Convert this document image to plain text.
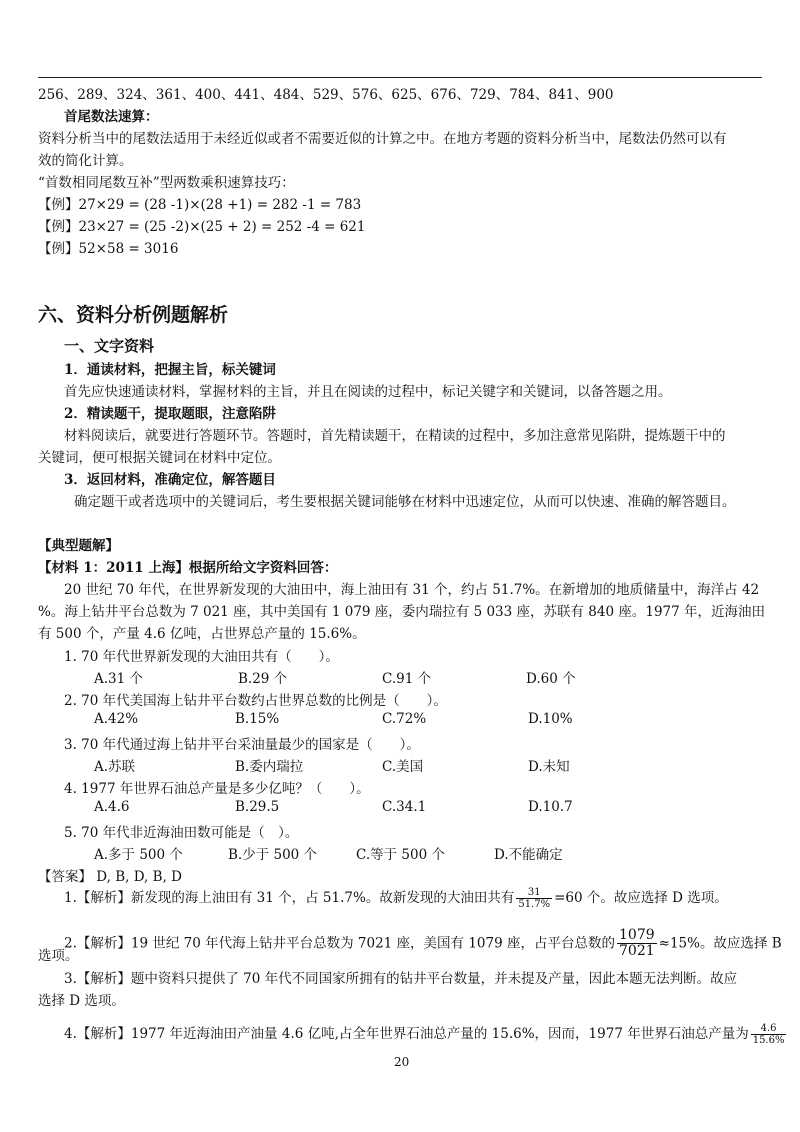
256、289、324、361、400、441、484、529、576、625、676、729、784、841、900
首尾数法速算：
资料分析当中的尾数法适用于未经近似或者不需要近似的计算之中。在地方考题的资料分析当中，尾数法仍然可以有
效的简化计算。
“首数相同尾数互补”型两数乘积速算技巧：
【例】27×29 = (28 -1)×(28 +1) = 282 -1 = 783
【例】23×27 = (25 -2)×(25 + 2) = 252 -4 = 621
【例】52×58 = 3016
六、资料分析例题解析
一、文字资料
1．通读材料，把握主旨，标关键词
首先应快速通读材料，掌握材料的主旨，并且在阅读的过程中，标记关键字和关键词，以备答题之用。
2．精读题干，提取题眼，注意陷阱
材料阅读后，就要进行答题环节。答题时，首先精读题干，在精读的过程中，多加注意常见陷阱，提炼题干中的
关键词，便可根据关键词在材料中定位。
3．返回材料，准确定位，解答题目
确定题干或者选项中的关键词后，考生要根据关键词能够在材料中迅速定位，从而可以快速、准确的解答题目。
【典型题解】
【材料 1：2011 上海】根据所给文字资料回答：
20 世纪 70 年代，在世界新发现的大油田中，海上油田有 31 个，约占 51.7%。在新增加的地质储量中，海洋占 42
%。海上钻井平台总数为 7 021 座，其中美国有 1 079 座，委内瑞拉有 5 033 座，苏联有 840 座。1977 年，近海油田
有 500 个，产量 4.6 亿吨，占世界总产量的 15.6%。
1. 70 年代世界新发现的大油田共有（　　）。
A.31 个	B.29 个	C.91 个	D.60 个
2. 70 年代美国海上钻井平台数约占世界总数的比例是（　　）。
A.42%	B.15%	C.72%	D.10%
3. 70 年代通过海上钻井平台采油量最少的国家是（　　）。
A.苏联	B.委内瑞拉	C.美国	D.未知
4. 1977 年世界石油总产量是多少亿吨？（　　）。
A.4.6	B.29.5	C.34.1	D.10.7
5. 70 年代非近海油田数可能是（　）。
A.多于 500 个	B.少于 500 个	C.等于 500 个	D.不能确定
【答案】 D, B, D, B, D
1.【解析】新发现的海上油田有 31 个，占 51.7%。故新发现的大油田共有 $\frac{31}{51.7\%} =60$ 个。故应选择 D 选项。
2.【解析】19 世纪 70 年代海上钻井平台总数为 7021 座，美国有 1079 座，占平台总数的 $\frac{1079}{7021} \approx 15\%$。故应选择 B
选项。
3.【解析】题中资料只提供了 70 年代不同国家所拥有的钻井平台数量，并未提及产量，因此本题无法判断。故应
选择 D 选项。
4.【解析】1977 年近海油田产油量 4.6 亿吨,占全年世界石油总产量的 15.6%，因而，1977 年世界石油总产量为 $\frac{4.6}{15.6\%}$
20
